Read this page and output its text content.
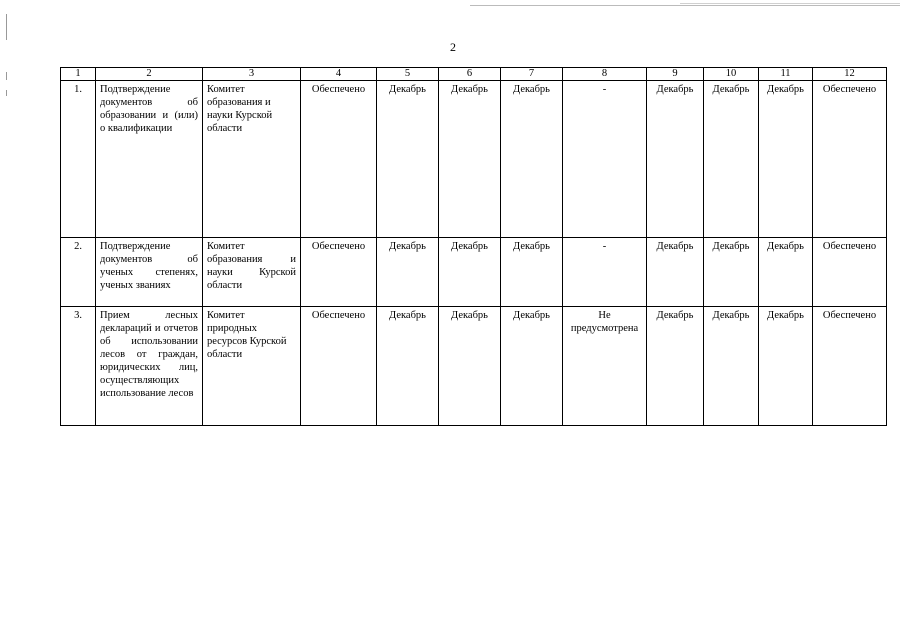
2
1	2	3	4	5	6	7	8	9	10	11	12
1.	Подтверждение документов об образовании и (или) о квалификации	Комитет образования и науки Курской области	Обеспечено	Декабрь	Декабрь	Декабрь	-	Декабрь	Декабрь	Декабрь	Обеспечено
2.	Подтверждение документов об ученых степенях, ученых званиях	Комитет образования и науки Курской области	Обеспечено	Декабрь	Декабрь	Декабрь	-	Декабрь	Декабрь	Декабрь	Обеспечено
3.	Прием лесных деклараций и отчетов об использовании лесов от граждан, юридических лиц, осуществляющих использование лесов	Комитет природных ресурсов Курской области	Обеспечено	Декабрь	Декабрь	Декабрь	Не предусмотрена	Декабрь	Декабрь	Декабрь	Обеспечено
